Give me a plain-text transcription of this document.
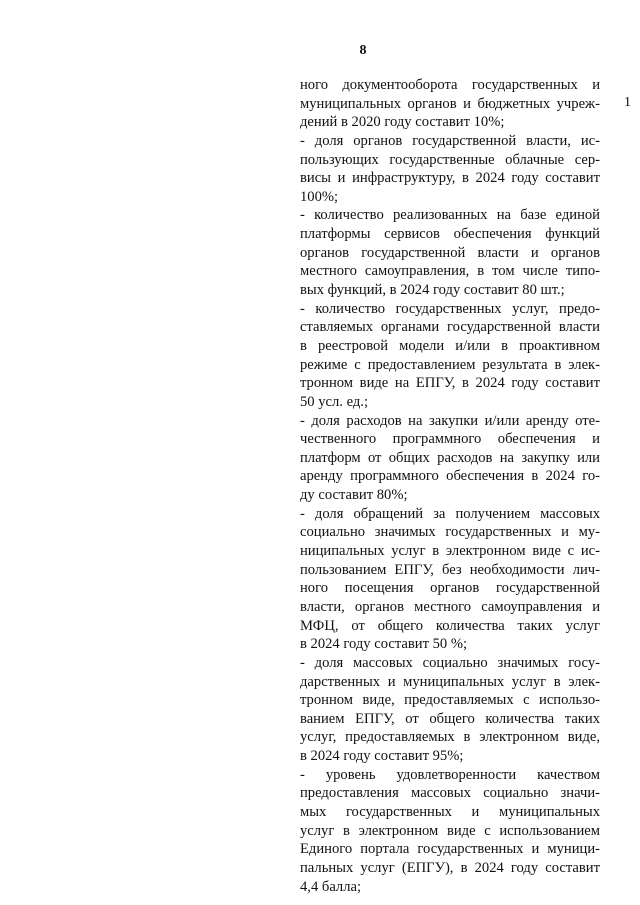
8
1
ного документооборота государственных и
муниципальных органов и бюджетных учреж-
дений в 2020 году составит 10%;
- доля органов государственной власти, ис-
пользующих государственные облачные сер-
висы и инфраструктуру, в 2024 году составит
100%;
- количество реализованных на базе единой
платформы сервисов обеспечения функций
органов государственной власти и органов
местного самоуправления, в том числе типо-
вых функций, в 2024 году составит 80 шт.;
- количество государственных услуг, предо-
ставляемых органами государственной власти
в реестровой модели и/или в проактивном
режиме с предоставлением результата в элек-
тронном виде на ЕПГУ, в 2024 году составит
50 усл. ед.;
- доля расходов на закупки и/или аренду оте-
чественного программного обеспечения и
платформ от общих расходов на закупку или
аренду программного обеспечения в 2024 го-
ду составит 80%;
- доля обращений за получением массовых
социально значимых государственных и му-
ниципальных услуг в электронном виде с ис-
пользованием ЕПГУ, без необходимости лич-
ного посещения органов государственной
власти, органов местного самоуправления и
МФЦ, от общего количества таких услуг
в 2024 году составит 50 %;
- доля массовых социально значимых госу-
дарственных и муниципальных услуг в элек-
тронном виде, предоставляемых с использо-
ванием ЕПГУ, от общего количества таких
услуг, предоставляемых в электронном виде,
в 2024 году составит 95%;
- уровень удовлетворенности качеством
предоставления массовых социально значи-
мых государственных и муниципальных
услуг в электронном виде с использованием
Единого портала государственных и муници-
пальных услуг (ЕПГУ), в 2024 году составит
4,4 балла;
